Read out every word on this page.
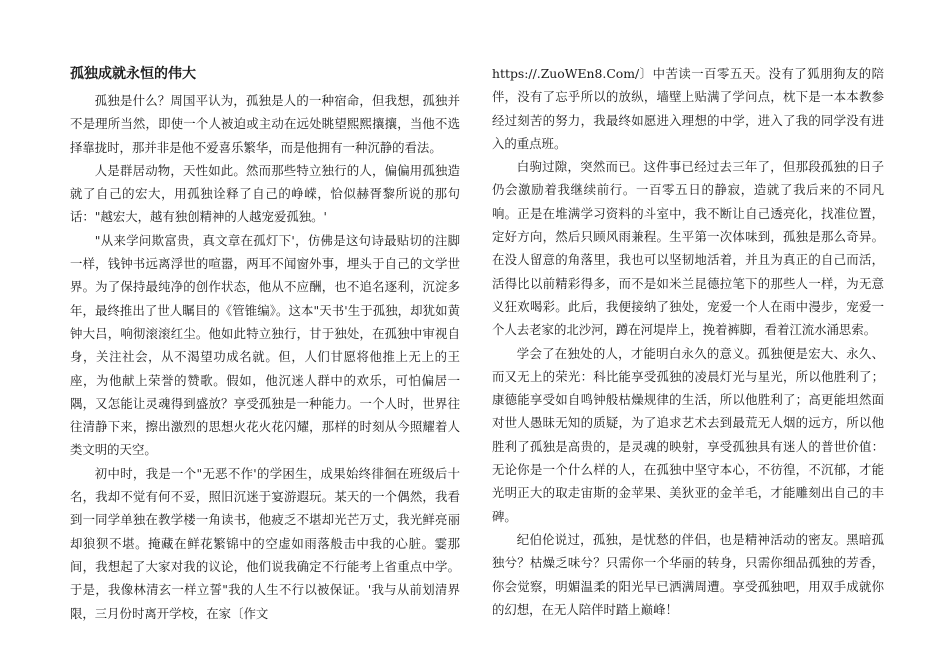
孤独成就永恒的伟大

孤独是什么？周国平认为，孤独是人的一种宿命，但我想，孤独并不是理所当然，即使一个人被迫或主动在远处眺望熙熙攘攘，当他不选择靠拢时，那并非是他不爱喜乐繁华，而是他拥有一种沉静的看法。

人是群居动物，天性如此。然而那些特立独行的人，偏偏用孤独造就了自己的宏大，用孤独诠释了自己的峥嵘，恰似赫胥黎所说的那句话："越宏大，越有独创精神的人越宠爱孤独。'

"从来学问欺富贵，真文章在孤灯下'，仿佛是这句诗最贴切的注脚一样，钱钟书远离浮世的喧嚣，两耳不闻窗外事，埋头于自己的文学世界。为了保持最纯净的创作状态，他从不应酬，也不追名逐利，沉淀多年，最终推出了世人瞩目的《管锥编》。这本"天书'生于孤独，却犹如黄钟大吕，响彻滚滚红尘。他如此特立独行，甘于独处，在孤独中审视自身，关注社会，从不渴望功成名就。但，人们甘愿将他推上无上的王座，为他献上荣誉的赞歌。假如，他沉迷人群中的欢乐，可怕偏居一隅，又怎能让灵魂得到盛放？享受孤独是一种能力。一个人时，世界往往清静下来，擦出激烈的思想火花火花闪耀，那样的时刻从今照耀着人类文明的天空。

初中时，我是一个"无恶不作'的学困生，成果始终徘徊在班级后十名，我却不觉有何不妥，照旧沉迷于宴游遐玩。某天的一个偶然，我看到一同学单独在教学楼一角读书，他疲乏不堪却光芒万丈，我光鲜亮丽却狼狈不堪。掩藏在鲜花繁锦中的空虚如雨落般击中我的心脏。霎那间，我想起了大家对我的议论，他们说我确定不行能考上省重点中学。于是，我像林清玄一样立誓"我的人生不行以被保证。'我与从前划清界限，三月份时离开学校，在家〔作文

https://.ZuoWEn8.Com/〕中苦读一百零五天。没有了狐朋狗友的陪伴，没有了忘乎所以的放纵，墙壁上贴满了学问点，枕下是一本本教参经过刻苦的努力，我最终如愿进入理想的中学，进入了我的同学没有进入的重点班。

白驹过隙，突然而已。这件事已经过去三年了，但那段孤独的日子仍会激励着我继续前行。一百零五日的静寂，造就了我后来的不同凡响。正是在堆满学习资料的斗室中，我不断让自己透亮化，找准位置，定好方向，然后只顾风雨兼程。生平第一次体味到，孤独是那么奇异。在没人留意的角落里，我也可以坚韧地活着，并且为真正的自己而活，活得比以前精彩得多，而不是如米兰昆德拉笔下的那些人一样，为无意义狂欢喝彩。此后，我便接纳了独处，宠爱一个人在雨中漫步，宠爱一个人去老家的北沙河，蹲在河堤岸上，挽着裤脚，看着江流水涌思索。

学会了在独处的人，才能明白永久的意义。孤独便是宏大、永久、而又无上的荣光：科比能享受孤独的凌晨灯光与星光，所以他胜利了；康德能享受如自鸣钟般枯燥规律的生活，所以他胜利了；高更能坦然面对世人愚昧无知的质疑，为了追求艺术去到最荒无人烟的远方，所以他胜利了孤独是高贵的，是灵魂的映射，享受孤独具有迷人的普世价值：无论你是一个什么样的人，在孤独中坚守本心，不彷徨，不沉郁，才能光明正大的取走宙斯的金苹果、美狄亚的金羊毛，才能雕刻出自己的丰碑。

纪伯伦说过，孤独，是忧愁的伴侣，也是精神活动的密友。黑暗孤独兮？枯燥乏味兮？只需你一个华丽的转身，只需你细品孤独的芳香，你会觉察，明媚温柔的阳光早已洒满周遭。享受孤独吧，用双手成就你的幻想，在无人陪伴时踏上巅峰！
